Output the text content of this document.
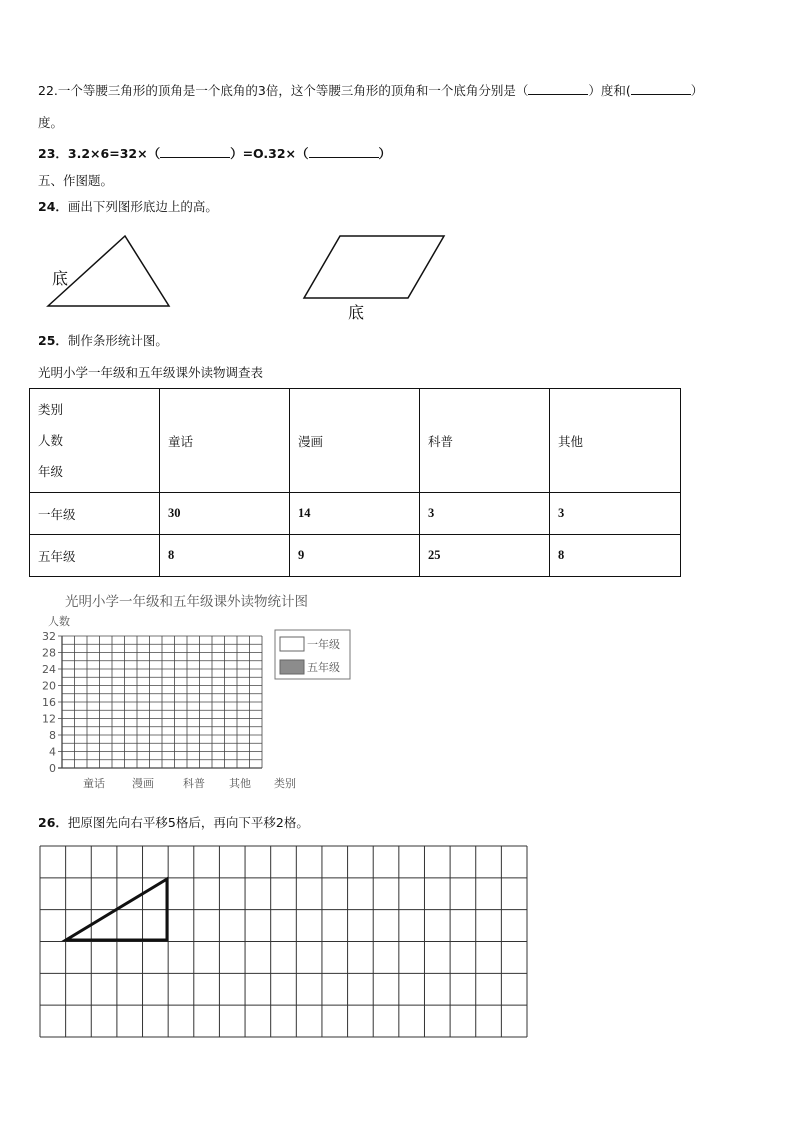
22.一个等腰三角形的顶角是一个底角的3倍，这个等腰三角形的顶角和一个底角分别是（	）度和(	）
度。
23．3.2×6=32×（	）=O.32×（	）
五、作图题。
24．画出下列图形底边上的高。
底
底
25．制作条形统计图。
光明小学一年级和五年级课外读物调查表
类别
人数
年级	童话	漫画	科普	其他
一年级	30	14	3	3
五年级	8	9	25	8
光明小学一年级和五年级课外读物统计图
人数
0
4
8
12
16
20
24
28
32
童话 漫画	科普 其他 类别
一年级
五年级
26．把原图先向右平移5格后，再向下平移2格。
